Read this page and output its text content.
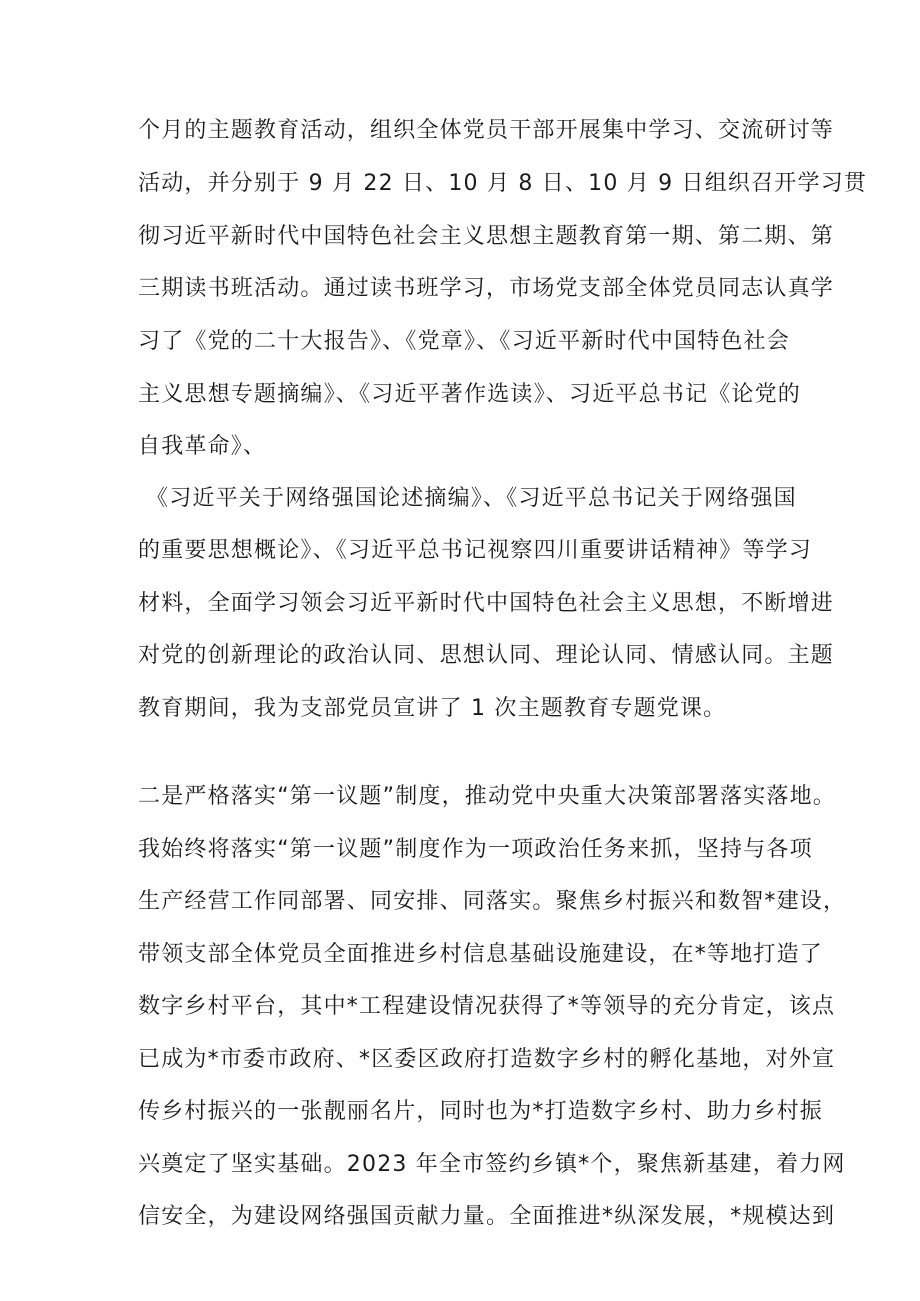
个月的主题教育活动，组织全体党员干部开展集中学习、交流研讨等
活动，并分别于 9 月 22 日、10 月 8 日、10 月 9 日组织召开学习贯
彻习近平新时代中国特色社会主义思想主题教育第一期、第二期、第
三期读书班活动。通过读书班学习，市场党支部全体党员同志认真学
习了《党的二十大报告》、《党章》、《习近平新时代中国特色社会
主义思想专题摘编》、《习近平著作选读》、习近平总书记《论党的
自我革命》、
《习近平关于网络强国论述摘编》、《习近平总书记关于网络强国
的重要思想概论》、《习近平总书记视察四川重要讲话精神》等学习
材料，全面学习领会习近平新时代中国特色社会主义思想，不断增进
对党的创新理论的政治认同、思想认同、理论认同、情感认同。主题
教育期间，我为支部党员宣讲了 1 次主题教育专题党课。
二是严格落实“第一议题”制度，推动党中央重大决策部署落实落地。
我始终将落实“第一议题”制度作为一项政治任务来抓，坚持与各项
生产经营工作同部署、同安排、同落实。聚焦乡村振兴和数智*建设，
带领支部全体党员全面推进乡村信息基础设施建设，在*等地打造了
数字乡村平台，其中*工程建设情况获得了*等领导的充分肯定，该点
已成为*市委市政府、*区委区政府打造数字乡村的孵化基地，对外宣
传乡村振兴的一张靓丽名片，同时也为*打造数字乡村、助力乡村振
兴奠定了坚实基础。2023 年全市签约乡镇*个，聚焦新基建，着力网
信安全，为建设网络强国贡献力量。全面推进*纵深发展，*规模达到
